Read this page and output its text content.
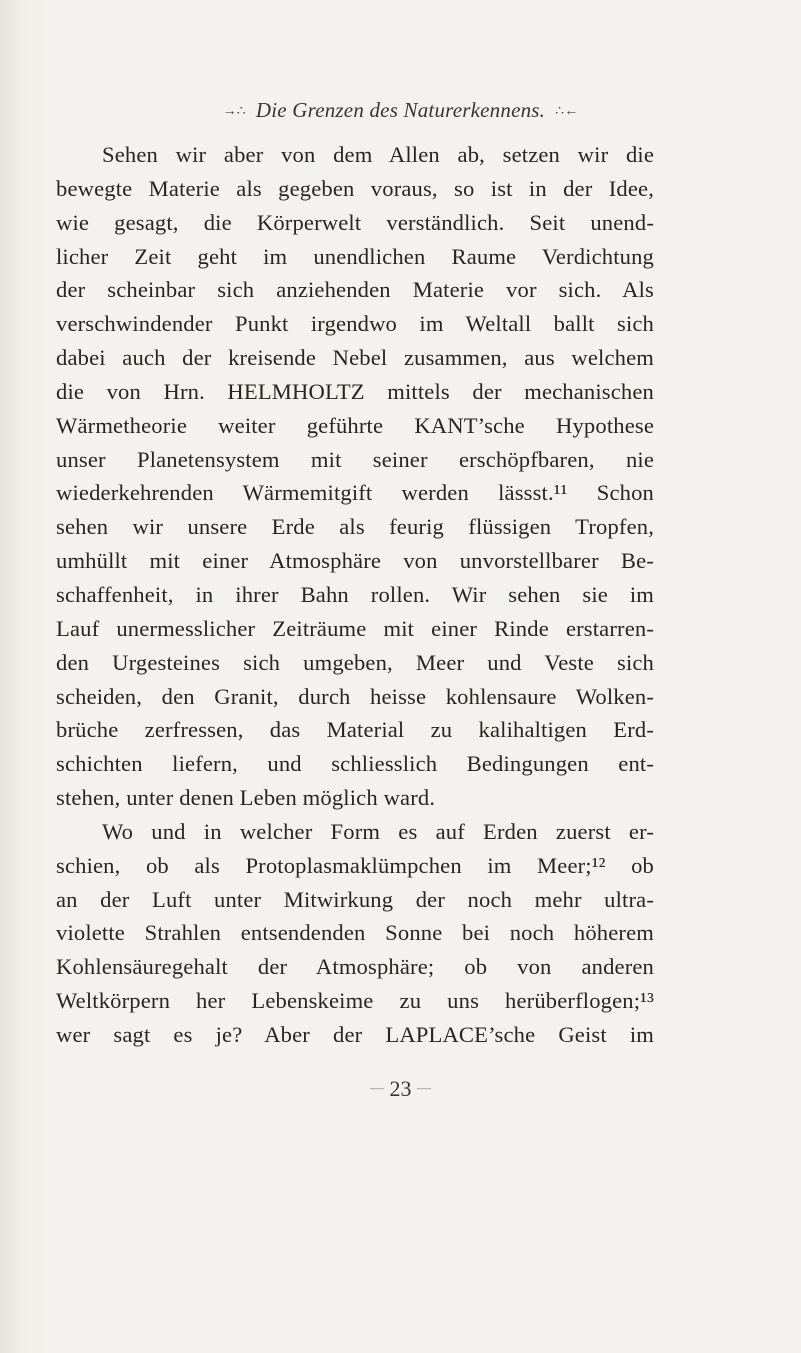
→∴ Die Grenzen des Naturerkennens. ∴←
Sehen wir aber von dem Allen ab, setzen wir die
bewegte Materie als gegeben voraus, so ist in der Idee,
wie gesagt, die Körperwelt verständlich. Seit unend-
licher Zeit geht im unendlichen Raume Verdichtung
der scheinbar sich anziehenden Materie vor sich. Als
verschwindender Punkt irgendwo im Weltall ballt sich
dabei auch der kreisende Nebel zusammen, aus welchem
die von Hrn. HELMHOLTZ mittels der mechanischen
Wärmetheorie weiter geführte KANT’sche Hypothese
unser Planetensystem mit seiner erschöpfbaren, nie
wiederkehrenden Wärmemitgift werden lässst.¹¹ Schon
sehen wir unsere Erde als feurig flüssigen Tropfen,
umhüllt mit einer Atmosphäre von unvorstellbarer Be-
schaffenheit, in ihrer Bahn rollen. Wir sehen sie im
Lauf unermesslicher Zeiträume mit einer Rinde erstarren-
den Urgesteines sich umgeben, Meer und Veste sich
scheiden, den Granit, durch heisse kohlensaure Wolken-
brüche zerfressen, das Material zu kalihaltigen Erd-
schichten liefern, und schliesslich Bedingungen ent-
stehen, unter denen Leben möglich ward.
Wo und in welcher Form es auf Erden zuerst er-
schien, ob als Protoplasmaklümpchen im Meer;¹² ob
an der Luft unter Mitwirkung der noch mehr ultra-
violette Strahlen entsendenden Sonne bei noch höherem
Kohlensäuregehalt der Atmosphäre; ob von anderen
Weltkörpern her Lebenskeime zu uns herüberflogen;¹³
wer sagt es je? Aber der LAPLACE’sche Geist im
— 23 —
